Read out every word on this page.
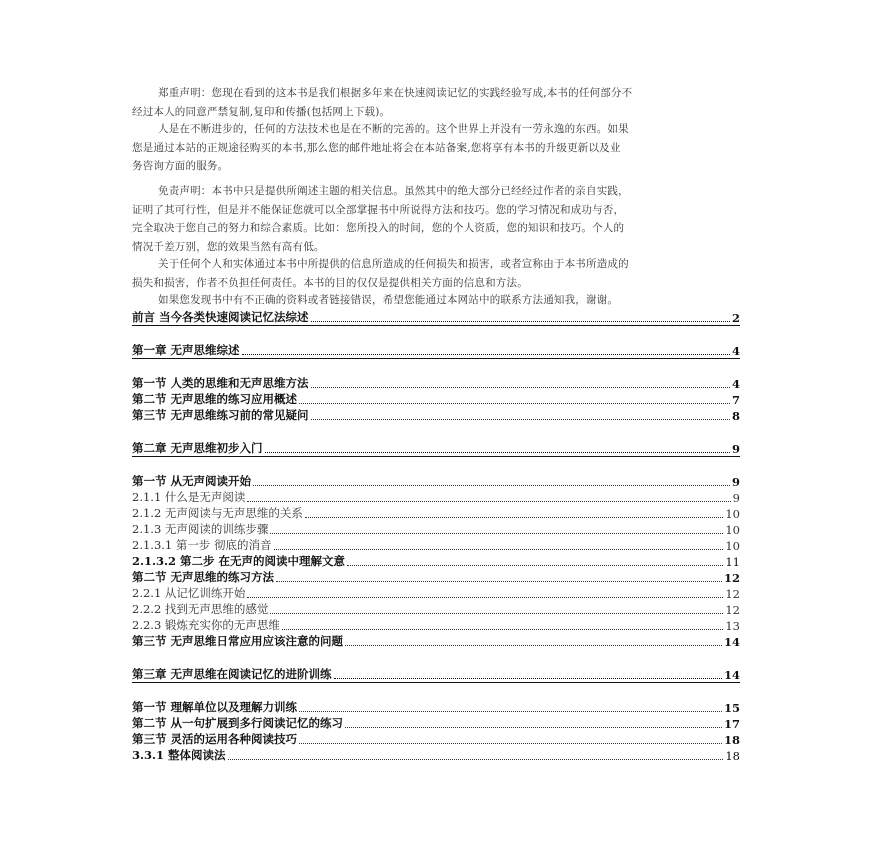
郑重声明：您现在看到的这本书是我们根据多年来在快速阅读记忆的实践经验写成,本书的任何部分不
经过本人的同意严禁复制,复印和传播(包括网上下载)。
人是在不断进步的，任何的方法技术也是在不断的完善的。这个世界上并没有一劳永逸的东西。如果
您是通过本站的正规途径购买的本书,那么您的邮件地址将会在本站备案,您将享有本书的升级更新以及业
务咨询方面的服务。
免责声明：本书中只是提供所阐述主题的相关信息。虽然其中的绝大部分已经经过作者的亲自实践，
证明了其可行性，但是并不能保证您就可以全部掌握书中所说得方法和技巧。您的学习情况和成功与否，
完全取决于您自己的努力和综合素质。比如：您所投入的时间，您的个人资质，您的知识和技巧。个人的
情况千差万别，您的效果当然有高有低。
关于任何个人和实体通过本书中所提供的信息所造成的任何损失和损害，或者宣称由于本书所造成的
损失和损害，作者不负担任何责任。本书的目的仅仅是提供相关方面的信息和方法。
如果您发现书中有不正确的资料或者链接错误，希望您能通过本网站中的联系方法通知我，谢谢。
前言 当今各类快速阅读记忆法综述	2
第一章 无声思维综述	4
第一节 人类的思维和无声思维方法	4
第二节 无声思维的练习应用概述	7
第三节 无声思维练习前的常见疑问	8
第二章 无声思维初步入门	9
第一节 从无声阅读开始	9
2.1.1 什么是无声阅读	9
2.1.2 无声阅读与无声思维的关系	10
2.1.3 无声阅读的训练步骤	10
2.1.3.1 第一步 彻底的消音	10
2.1.3.2 第二步 在无声的阅读中理解文意	11
第二节 无声思维的练习方法	12
2.2.1 从记忆训练开始	12
2.2.2 找到无声思维的感觉	12
2.2.3 锻炼充实你的无声思维	13
第三节 无声思维日常应用应该注意的问题	14
第三章 无声思维在阅读记忆的进阶训练	14
第一节 理解单位以及理解力训练	15
第二节 从一句扩展到多行阅读记忆的练习	17
第三节 灵活的运用各种阅读技巧	18
3.3.1 整体阅读法	18
